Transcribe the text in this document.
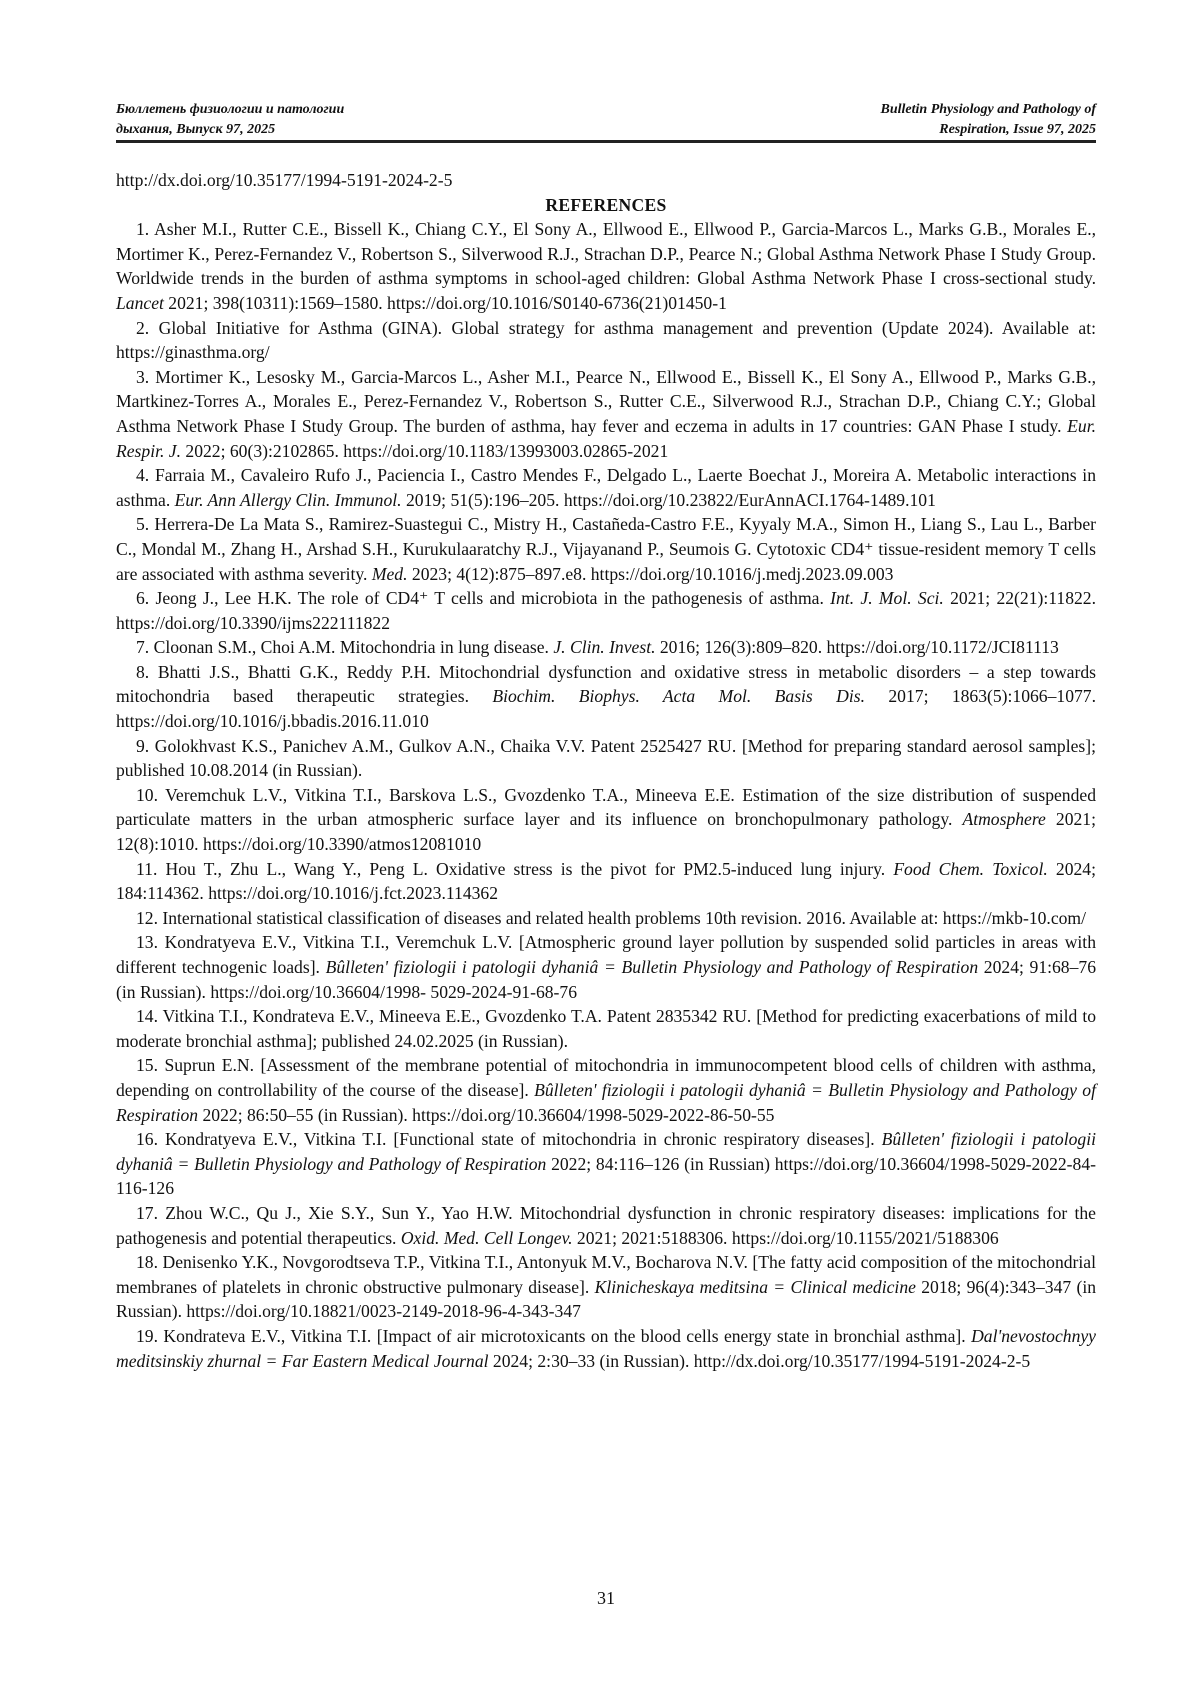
Бюллетень физиологии и патологии
дыхания, Выпуск 97, 2025
Bulletin Physiology and Pathology of
Respiration, Issue 97, 2025

http://dx.doi.org/10.35177/1994-5191-2024-2-5

REFERENCES

1. Asher M.I., Rutter C.E., Bissell K., Chiang C.Y., El Sony A., Ellwood E., Ellwood P., Garcia-Marcos L., Marks G.B., Morales E., Mortimer K., Perez-Fernandez V., Robertson S., Silverwood R.J., Strachan D.P., Pearce N.; Global Asthma Network Phase I Study Group. Worldwide trends in the burden of asthma symptoms in school-aged children: Global Asthma Network Phase I cross-sectional study. Lancet 2021; 398(10311):1569–1580. https://doi.org/10.1016/S0140-6736(21)01450-1

2. Global Initiative for Asthma (GINA). Global strategy for asthma management and prevention (Update 2024). Available at: https://ginasthma.org/

3. Mortimer K., Lesosky M., Garcia-Marcos L., Asher M.I., Pearce N., Ellwood E., Bissell K., El Sony A., Ellwood P., Marks G.B., Martkinez-Torres A., Morales E., Perez-Fernandez V., Robertson S., Rutter C.E., Silverwood R.J., Strachan D.P., Chiang C.Y.; Global Asthma Network Phase I Study Group. The burden of asthma, hay fever and eczema in adults in 17 countries: GAN Phase I study. Eur. Respir. J. 2022; 60(3):2102865. https://doi.org/10.1183/13993003.02865-2021

4. Farraia M., Cavaleiro Rufo J., Paciencia I., Castro Mendes F., Delgado L., Laerte Boechat J., Moreira A. Metabolic interactions in asthma. Eur. Ann Allergy Clin. Immunol. 2019; 51(5):196–205. https://doi.org/10.23822/EurAnnACI.1764-1489.101

5. Herrera-De La Mata S., Ramirez-Suastegui C., Mistry H., Castañeda-Castro F.E., Kyyaly M.A., Simon H., Liang S., Lau L., Barber C., Mondal M., Zhang H., Arshad S.H., Kurukulaaratchy R.J., Vijayanand P., Seumois G. Cytotoxic CD4⁺ tissue-resident memory T cells are associated with asthma severity. Med. 2023; 4(12):875–897.e8. https://doi.org/10.1016/j.medj.2023.09.003

6. Jeong J., Lee H.K. The role of CD4⁺ T cells and microbiota in the pathogenesis of asthma. Int. J. Mol. Sci. 2021; 22(21):11822. https://doi.org/10.3390/ijms222111822

7. Cloonan S.M., Choi A.M. Mitochondria in lung disease. J. Clin. Invest. 2016; 126(3):809–820. https://doi.org/10.1172/JCI81113

8. Bhatti J.S., Bhatti G.K., Reddy P.H. Mitochondrial dysfunction and oxidative stress in metabolic disorders – a step towards mitochondria based therapeutic strategies. Biochim. Biophys. Acta Mol. Basis Dis. 2017; 1863(5):1066–1077. https://doi.org/10.1016/j.bbadis.2016.11.010

9. Golokhvast K.S., Panichev A.M., Gulkov A.N., Chaika V.V. Patent 2525427 RU. [Method for preparing standard aerosol samples]; published 10.08.2014 (in Russian).

10. Veremchuk L.V., Vitkina T.I., Barskova L.S., Gvozdenko T.A., Mineeva E.E. Estimation of the size distribution of suspended particulate matters in the urban atmospheric surface layer and its influence on bronchopulmonary pathology. Atmosphere 2021; 12(8):1010. https://doi.org/10.3390/atmos12081010

11. Hou T., Zhu L., Wang Y., Peng L. Oxidative stress is the pivot for PM2.5-induced lung injury. Food Chem. Toxicol. 2024; 184:114362. https://doi.org/10.1016/j.fct.2023.114362

12. International statistical classification of diseases and related health problems 10th revision. 2016. Available at: https://mkb-10.com/

13. Kondratyeva E.V., Vitkina T.I., Veremchuk L.V. [Atmospheric ground layer pollution by suspended solid particles in areas with different technogenic loads]. Bûlleten' fiziologii i patologii dyhaniâ = Bulletin Physiology and Pathology of Respiration 2024; 91:68–76 (in Russian). https://doi.org/10.36604/1998- 5029-2024-91-68-76

14. Vitkina T.I., Kondrateva E.V., Mineeva E.E., Gvozdenko T.A. Patent 2835342 RU. [Method for predicting exacerbations of mild to moderate bronchial asthma]; published 24.02.2025 (in Russian).

15. Suprun E.N. [Assessment of the membrane potential of mitochondria in immunocompetent blood cells of children with asthma, depending on controllability of the course of the disease]. Bûlleten' fiziologii i patologii dyhaniâ = Bulletin Physiology and Pathology of Respiration 2022; 86:50–55 (in Russian). https://doi.org/10.36604/1998-5029-2022-86-50-55

16. Kondratyeva E.V., Vitkina T.I. [Functional state of mitochondria in chronic respiratory diseases]. Bûlleten' fiziologii i patologii dyhaniâ = Bulletin Physiology and Pathology of Respiration 2022; 84:116–126 (in Russian) https://doi.org/10.36604/1998-5029-2022-84-116-126

17. Zhou W.C., Qu J., Xie S.Y., Sun Y., Yao H.W. Mitochondrial dysfunction in chronic respiratory diseases: implications for the pathogenesis and potential therapeutics. Oxid. Med. Cell Longev. 2021; 2021:5188306. https://doi.org/10.1155/2021/5188306

18. Denisenko Y.K., Novgorodtseva T.P., Vitkina T.I., Antonyuk M.V., Bocharova N.V. [The fatty acid composition of the mitochondrial membranes of platelets in chronic obstructive pulmonary disease]. Klinicheskaya meditsina = Clinical medicine 2018; 96(4):343–347 (in Russian). https://doi.org/10.18821/0023-2149-2018-96-4-343-347

19. Kondrateva E.V., Vitkina T.I. [Impact of air microtoxicants on the blood cells energy state in bronchial asthma]. Dal'nevostochnyy meditsinskiy zhurnal = Far Eastern Medical Journal 2024; 2:30–33 (in Russian). http://dx.doi.org/10.35177/1994-5191-2024-2-5

31
